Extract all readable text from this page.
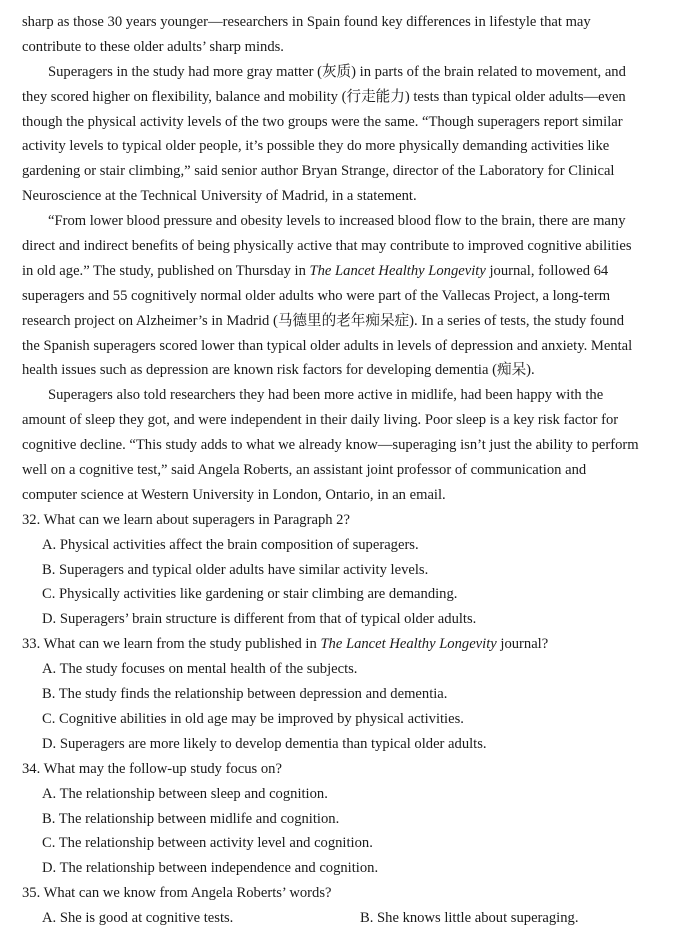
sharp as those 30 years younger—researchers in Spain found key differences in lifestyle that may
contribute to these older adults’ sharp minds.
Superagers in the study had more gray matter (灰质) in parts of the brain related to movement, and
they scored higher on flexibility, balance and mobility (行走能力) tests than typical older adults—even
though the physical activity levels of the two groups were the same. “Though superagers report similar
activity levels to typical older people, it’s possible they do more physically demanding activities like
gardening or stair climbing,” said senior author Bryan Strange, director of the Laboratory for Clinical
Neuroscience at the Technical University of Madrid, in a statement.
“From lower blood pressure and obesity levels to increased blood flow to the brain, there are many
direct and indirect benefits of being physically active that may contribute to improved cognitive abilities
in old age.” The study, published on Thursday in The Lancet Healthy Longevity journal, followed 64
superagers and 55 cognitively normal older adults who were part of the Vallecas Project, a long-term
research project on Alzheimer’s in Madrid (马德里的老年痴呆症). In a series of tests, the study found
the Spanish superagers scored lower than typical older adults in levels of depression and anxiety. Mental
health issues such as depression are known risk factors for developing dementia (痴呆).
Superagers also told researchers they had been more active in midlife, had been happy with the
amount of sleep they got, and were independent in their daily living. Poor sleep is a key risk factor for
cognitive decline. “This study adds to what we already know—superaging isn’t just the ability to perform
well on a cognitive test,” said Angela Roberts, an assistant joint professor of communication and
computer science at Western University in London, Ontario, in an email.
32. What can we learn about superagers in Paragraph 2?
A. Physical activities affect the brain composition of superagers.
B. Superagers and typical older adults have similar activity levels.
C. Physically activities like gardening or stair climbing are demanding.
D. Superagers’ brain structure is different from that of typical older adults.
33. What can we learn from the study published in The Lancet Healthy Longevity journal?
A. The study focuses on mental health of the subjects.
B. The study finds the relationship between depression and dementia.
C. Cognitive abilities in old age may be improved by physical activities.
D. Superagers are more likely to develop dementia than typical older adults.
34. What may the follow-up study focus on?
A. The relationship between sleep and cognition.
B. The relationship between midlife and cognition.
C. The relationship between activity level and cognition.
D. The relationship between independence and cognition.
35. What can we know from Angela Roberts’ words?
A. She is good at cognitive tests.	B. She knows little about superaging.
